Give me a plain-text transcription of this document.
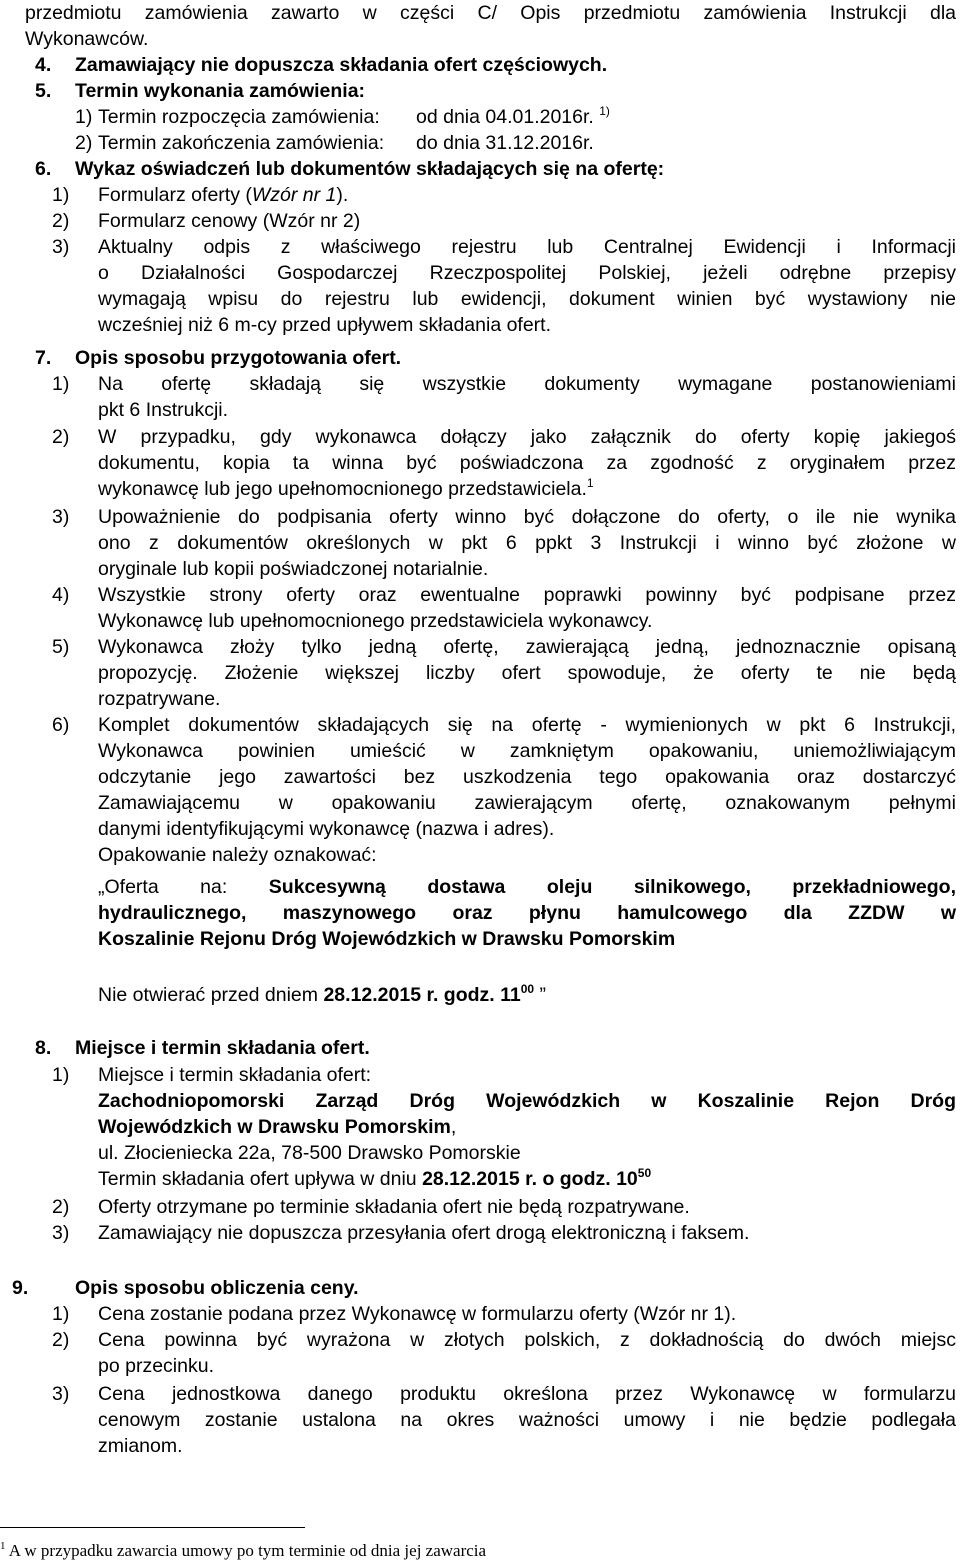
przedmiotu zamówienia zawarto w części C/ Opis przedmiotu zamówienia Instrukcji dla
Wykonawców.
4. Zamawiający nie dopuszcza składania ofert częściowych.
5. Termin wykonania zamówienia:
1) Termin rozpoczęcia zamówienia: od dnia 04.01.2016r. $^{1)}$
2) Termin zakończenia zamówienia: do dnia 31.12.2016r.
6. Wykaz oświadczeń lub dokumentów składających się na ofertę:
1) Formularz oferty (Wzór nr 1).
2) Formularz cenowy (Wzór nr 2)
3) Aktualny odpis z właściwego rejestru lub Centralnej Ewidencji i Informacji
o Działalności Gospodarczej Rzeczpospolitej Polskiej, jeżeli odrębne przepisy
wymagają wpisu do rejestru lub ewidencji, dokument winien być wystawiony nie
wcześniej niż 6 m-cy przed upływem składania ofert.
7. Opis sposobu przygotowania ofert.
1) Na ofertę składają się wszystkie dokumenty wymagane postanowieniami
pkt 6 Instrukcji.
2) W przypadku, gdy wykonawca dołączy jako załącznik do oferty kopię jakiegoś
dokumentu, kopia ta winna być poświadczona za zgodność z oryginałem przez
wykonawcę lub jego upełnomocnionego przedstawiciela.$^1$
3) Upoważnienie do podpisania oferty winno być dołączone do oferty, o ile nie wynika
ono z dokumentów określonych w pkt 6 ppkt 3 Instrukcji i winno być złożone w
oryginale lub kopii poświadczonej notarialnie.
4) Wszystkie strony oferty oraz ewentualne poprawki powinny być podpisane przez
Wykonawcę lub upełnomocnionego przedstawiciela wykonawcy.
5) Wykonawca złoży tylko jedną ofertę, zawierającą jedną, jednoznacznie opisaną
propozycję. Złożenie większej liczby ofert spowoduje, że oferty te nie będą
rozpatrywane.
6) Komplet dokumentów składających się na ofertę - wymienionych w pkt 6 Instrukcji,
Wykonawca powinien umieścić w zamkniętym opakowaniu, uniemożliwiającym
odczytanie jego zawartości bez uszkodzenia tego opakowania oraz dostarczyć
Zamawiającemu w opakowaniu zawierającym ofertę, oznakowanym pełnymi
danymi identyfikującymi wykonawcę (nazwa i adres).
Opakowanie należy oznakować:
„Oferta na: Sukcesywną dostawa oleju silnikowego, przekładniowego,
hydraulicznego, maszynowego oraz płynu hamulcowego dla ZZDW w
Koszalinie Rejonu Dróg Wojewódzkich w Drawsku Pomorskim
Nie otwierać przed dniem 28.12.2015 r. godz. $11^{00}$ ”
8. Miejsce i termin składania ofert.
1) Miejsce i termin składania ofert:
Zachodniopomorski Zarząd Dróg Wojewódzkich w Koszalinie Rejon Dróg
Wojewódzkich w Drawsku Pomorskim,
ul. Złocieniecka 22a, 78-500 Drawsko Pomorskie
Termin składania ofert upływa w dniu 28.12.2015 r. o godz. $10^{50}$
2) Oferty otrzymane po terminie składania ofert nie będą rozpatrywane.
3) Zamawiający nie dopuszcza przesyłania ofert drogą elektroniczną i faksem.
9. Opis sposobu obliczenia ceny.
1) Cena zostanie podana przez Wykonawcę w formularzu oferty (Wzór nr 1).
2) Cena powinna być wyrażona w złotych polskich, z dokładnością do dwóch miejsc
po przecinku.
3) Cena jednostkowa danego produktu określona przez Wykonawcę w formularzu
cenowym zostanie ustalona na okres ważności umowy i nie będzie podlegała
zmianom.
$^1$ A w przypadku zawarcia umowy po tym terminie od dnia jej zawarcia
